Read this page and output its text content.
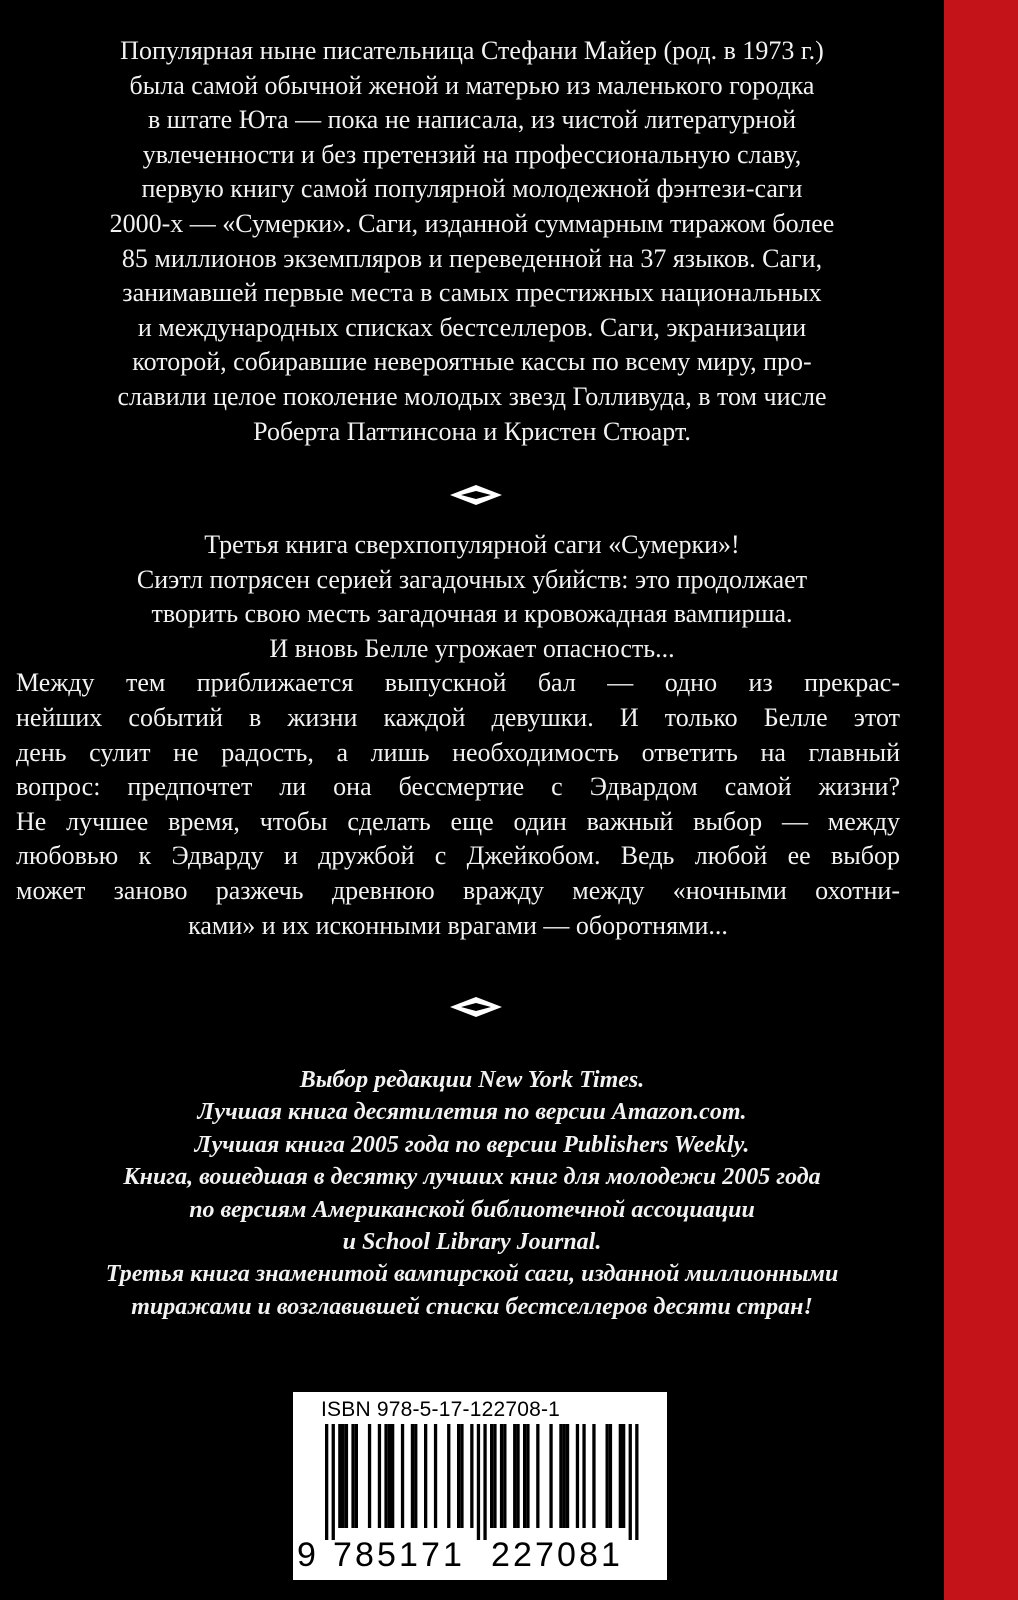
Популярная ныне писательница Стефани Майер (род. в 1973 г.)
была самой обычной женой и матерью из маленького городка
в штате Юта — пока не написала, из чистой литературной
увлеченности и без претензий на профессиональную славу,
первую книгу самой популярной молодежной фэнтези-саги
2000-х — «Сумерки». Саги, изданной суммарным тиражом более
85 миллионов экземпляров и переведенной на 37 языков. Саги,
занимавшей первые места в самых престижных национальных
и международных списках бестселлеров. Саги, экранизации
которой, собиравшие невероятные кассы по всему миру, про-
славили целое поколение молодых звезд Голливуда, в том числе
Роберта Паттинсона и Кристен Стюарт.
Третья книга сверхпопулярной саги «Сумерки»!
Сиэтл потрясен серией загадочных убийств: это продолжает
творить свою месть загадочная и кровожадная вампирша.
И вновь Белле угрожает опасность...
Между тем приближается выпускной бал — одно из прекрас-
нейших событий в жизни каждой девушки. И только Белле этот
день сулит не радость, а лишь необходимость ответить на главный
вопрос: предпочтет ли она бессмертие с Эдвардом самой жизни?
Не лучшее время, чтобы сделать еще один важный выбор — между
любовью к Эдварду и дружбой с Джейкобом. Ведь любой ее выбор
может заново разжечь древнюю вражду между «ночными охотни-
ками» и их исконными врагами — оборотнями...
Выбор редакции New York Times.
Лучшая книга десятилетия по версии Amazon.com.
Лучшая книга 2005 года по версии Publishers Weekly.
Книга, вошедшая в десятку лучших книг для молодежи 2005 года
по версиям Американской библиотечной ассоциации
и School Library Journal.
Третья книга знаменитой вампирской саги, изданной миллионными
тиражами и возглавившей списки бестселлеров десяти стран!
ISBN 978-5-17-122708-1
9 7 8 5 1 7 1 2 2 7 0 8 1
